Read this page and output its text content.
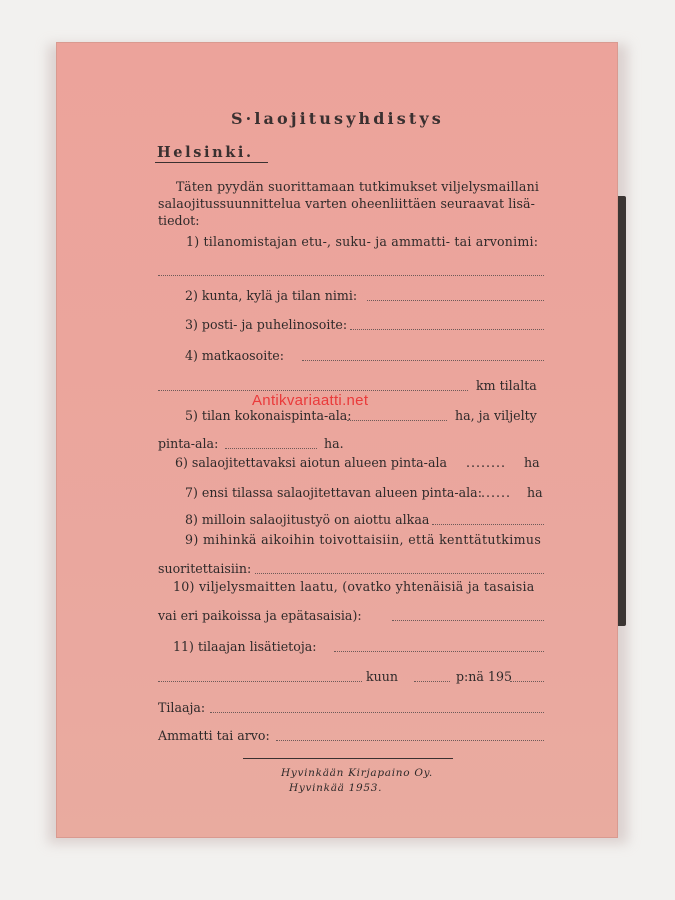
S·laojitusyhdistys
Helsinki.
Täten pyydän suorittamaan tutkimukset viljelysmaillani
salaojitussuunnittelua varten oheenliittäen seuraavat lisä-
tiedot:
1) tilanomistajan etu-, suku- ja ammatti- tai arvonimi:
2) kunta, kylä ja tilan nimi:
3) posti- ja puhelinosoite:
4) matkaosoite:
km tilalta
Antikvariaatti.net
5) tilan kokonaispinta-ala:	ha, ja viljelty
pinta-ala:	ha.
6) salaojitettavaksi aiotun alueen pinta-ala ........ ha
7) ensi tilassa salaojitettavan alueen pinta-ala: ...... ha
8) milloin salaojitustyö on aiottu alkaa
9) mihinkä aikoihin toivottaisiin, että kenttätutkimus
suoritettaisiin:
10) viljelysmaitten laatu, (ovatko yhtenäisiä ja tasaisia
vai eri paikoissa ja epätasaisia):
11) tilaajan lisätietoja:
kuun	p:nä 195
Tilaaja:
Ammatti tai arvo:
Hyvinkään Kirjapaino Oy.
Hyvinkää 1953.
